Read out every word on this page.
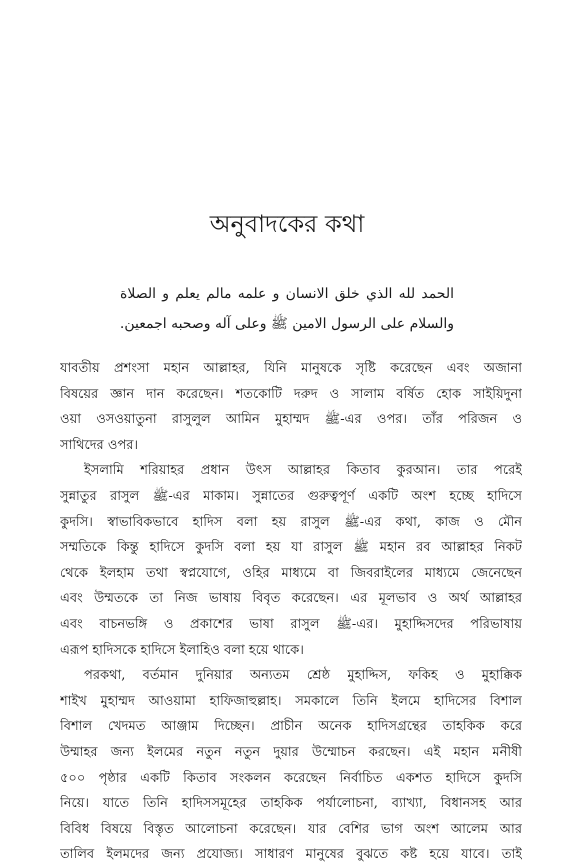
অনুবাদকের কথা
الحمد لله الذي خلق الانسان و علمه مالم يعلم و الصلاة
والسلام على الرسول الامين ﷺ وعلى آله وصحبه اجمعين.
যাবতীয় প্রশংসা মহান আল্লাহর, যিনি মানুষকে সৃষ্টি করেছেন এবং অজানা
বিষয়ের জ্ঞান দান করেছেন। শতকোটি দরুদ ও সালাম বর্ষিত হোক সাইয়িদুনা
ওয়া ওসওয়াতুনা রাসুলুল আমিন মুহাম্মদ ﷺ-এর ওপর। তাঁর পরিজন ও
সাথিদের ওপর।
ইসলামি শরিয়াহর প্রধান উৎস আল্লাহর কিতাব কুরআন। তার পরেই
সুন্নাতুর রাসুল ﷺ-এর মাকাম। সুন্নাতের গুরুত্বপূর্ণ একটি অংশ হচ্ছে হাদিসে
কুদসি। স্বাভাবিকভাবে হাদিস বলা হয় রাসুল ﷺ-এর কথা, কাজ ও মৌন
সম্মতিকে কিন্তু হাদিসে কুদসি বলা হয় যা রাসুল ﷺ মহান রব আল্লাহর নিকট
থেকে ইলহাম তথা স্বপ্নযোগে, ওহির মাধ্যমে বা জিবরাইলের মাধ্যমে জেনেছেন
এবং উম্মতকে তা নিজ ভাষায় বিবৃত করেছেন। এর মূলভাব ও অর্থ আল্লাহর
এবং বাচনভঙ্গি ও প্রকাশের ভাষা রাসুল ﷺ-এর। মুহাদ্দিসদের পরিভাষায়
এরূপ হাদিসকে হাদিসে ইলাহিও বলা হয়ে থাকে।
পরকথা, বর্তমান দুনিয়ার অন্যতম শ্রেষ্ঠ মুহাদ্দিস, ফকিহ ও মুহাক্কিক
শাইখ মুহাম্মদ আওয়ামা হাফিজাহুল্লাহ। সমকালে তিনি ইলমে হাদিসের বিশাল
বিশাল খেদমত আঞ্জাম দিচ্ছেন। প্রাচীন অনেক হাদিসগ্রন্থের তাহকিক করে
উম্মাহর জন্য ইলমের নতুন নতুন দুয়ার উম্মোচন করছেন। এই মহান মনীষী
৫০০ পৃষ্ঠার একটি কিতাব সংকলন করেছেন নির্বাচিত একশত হাদিসে কুদসি
নিয়ে। যাতে তিনি হাদিসসমূহের তাহকিক পর্যালোচনা, ব্যাখ্যা, বিধানসহ আর
বিবিধ বিষয়ে বিস্তৃত আলোচনা করেছেন। যার বেশির ভাগ অংশ আলেম আর
তালিব ইলমদের জন্য প্রযোজ্য। সাধারণ মানুষের বুঝতে কষ্ট হয়ে যাবে। তাই
